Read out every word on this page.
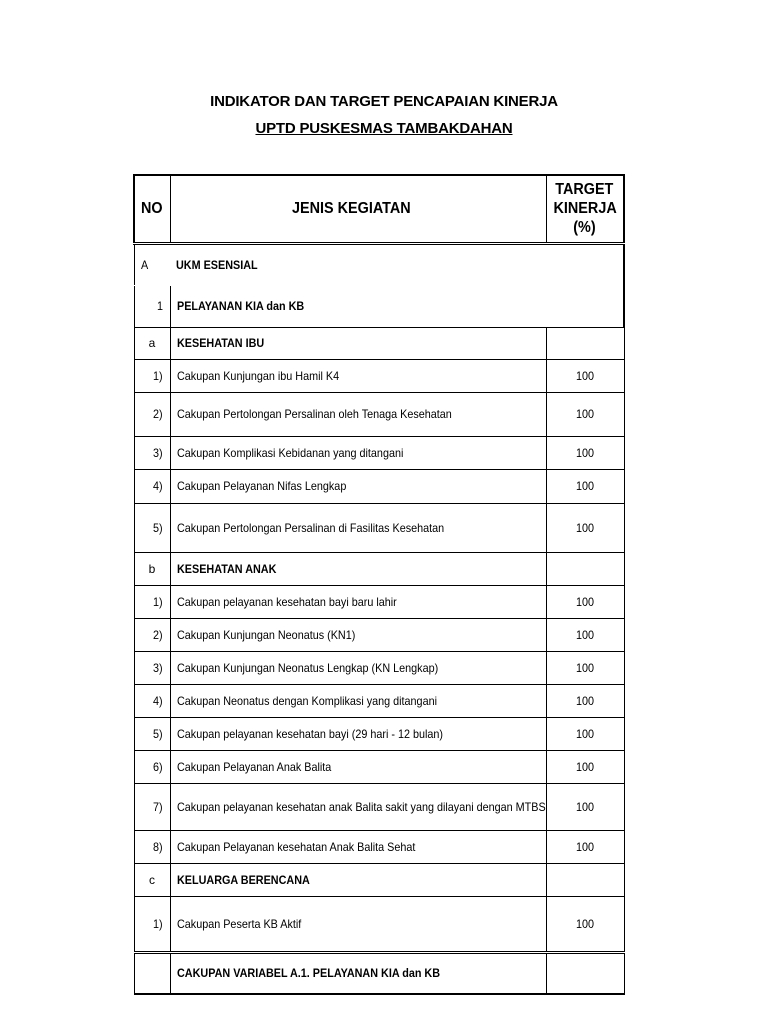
INDIKATOR DAN TARGET PENCAPAIAN KINERJA
UPTD PUSKESMAS TAMBAKDAHAN
NO	JENIS KEGIATAN	TARGET
KINERJA
(%)
A	UKM ESENSIAL	
1	PELAYANAN KIA dan KB	
a	KESEHATAN IBU	
1)	Cakupan Kunjungan ibu Hamil K4	100
2)	Cakupan Pertolongan Persalinan oleh Tenaga Kesehatan	100
3)	Cakupan Komplikasi Kebidanan yang ditangani	100
4)	Cakupan Pelayanan Nifas Lengkap	100
5)	Cakupan Pertolongan Persalinan di Fasilitas Kesehatan	100
b	KESEHATAN ANAK	
1)	Cakupan pelayanan kesehatan bayi baru lahir	100
2)	Cakupan Kunjungan Neonatus (KN1)	100
3)	Cakupan Kunjungan Neonatus Lengkap (KN Lengkap)	100
4)	Cakupan Neonatus dengan Komplikasi yang ditangani	100
5)	Cakupan pelayanan kesehatan bayi (29 hari - 12 bulan)	100
6)	Cakupan Pelayanan Anak Balita	100
7)	Cakupan pelayanan kesehatan anak Balita sakit yang dilayani dengan MTBS	100
8)	Cakupan Pelayanan kesehatan Anak Balita Sehat	100
c	KELUARGA BERENCANA	
1)	Cakupan Peserta KB Aktif	100
	CAKUPAN VARIABEL A.1. PELAYANAN KIA dan KB	
